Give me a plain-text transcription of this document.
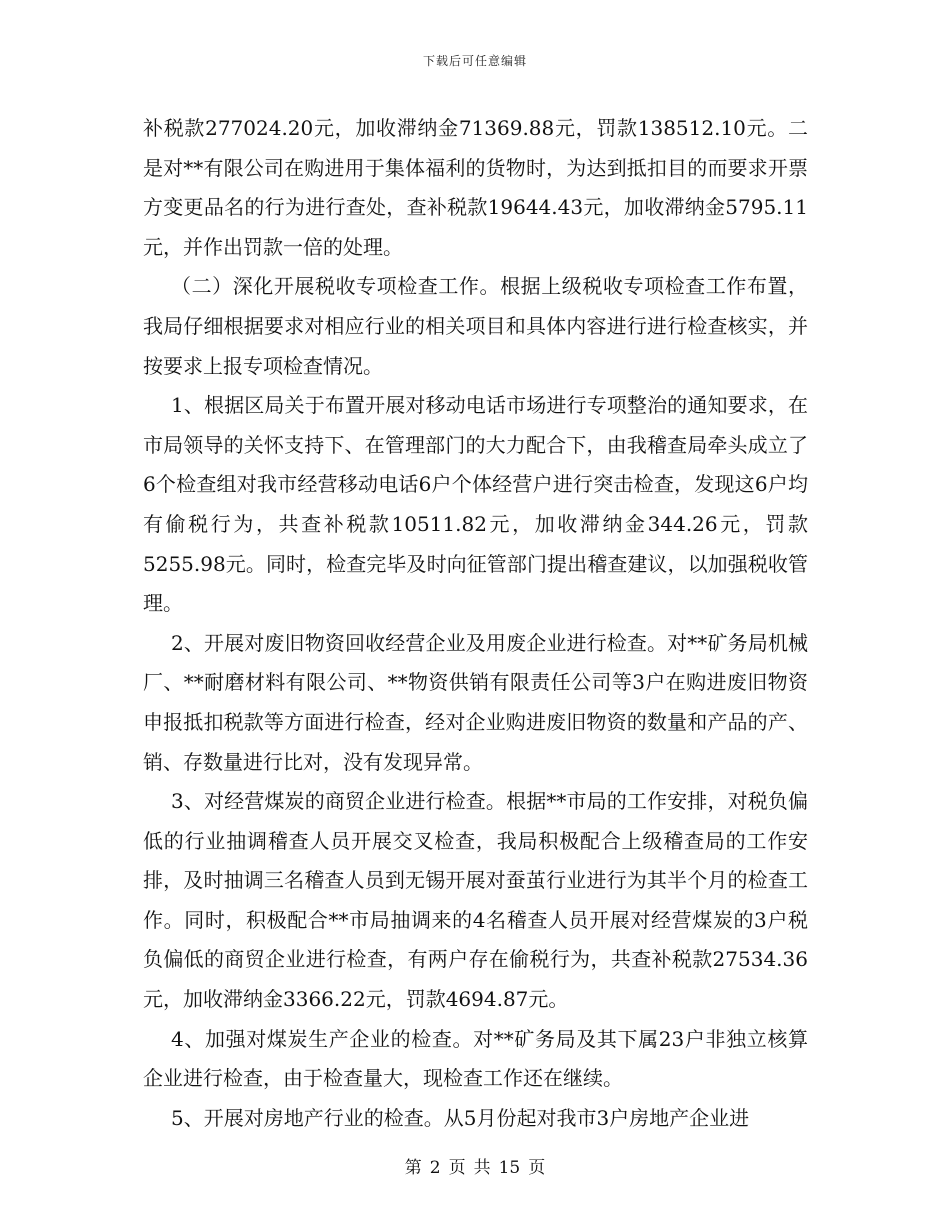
下载后可任意编辑

补税款277024.20元，加收滞纳金71369.88元，罚款138512.10元。二是对**有限公司在购进用于集体福利的货物时，为达到抵扣目的而要求开票方变更品名的行为进行查处，查补税款19644.43元，加收滞纳金5795.11元，并作出罚款一倍的处理。

（二）深化开展税收专项检查工作。根据上级税收专项检查工作布置，我局仔细根据要求对相应行业的相关项目和具体内容进行进行检查核实，并按要求上报专项检查情况。

1、根据区局关于布置开展对移动电话市场进行专项整治的通知要求，在市局领导的关怀支持下、在管理部门的大力配合下，由我稽查局牵头成立了6个检查组对我市经营移动电话6户个体经营户进行突击检查，发现这6户均有偷税行为，共查补税款10511.82元，加收滞纳金344.26元，罚款5255.98元。同时，检查完毕及时向征管部门提出稽查建议，以加强税收管理。

2、开展对废旧物资回收经营企业及用废企业进行检查。对**矿务局机械厂、**耐磨材料有限公司、**物资供销有限责任公司等3户在购进废旧物资申报抵扣税款等方面进行检查，经对企业购进废旧物资的数量和产品的产、销、存数量进行比对，没有发现异常。

3、对经营煤炭的商贸企业进行检查。根据**市局的工作安排，对税负偏低的行业抽调稽查人员开展交叉检查，我局积极配合上级稽查局的工作安排，及时抽调三名稽查人员到无锡开展对蚕茧行业进行为其半个月的检查工作。同时，积极配合**市局抽调来的4名稽查人员开展对经营煤炭的3户税负偏低的商贸企业进行检查，有两户存在偷税行为，共查补税款27534.36元，加收滞纳金3366.22元，罚款4694.87元。

4、加强对煤炭生产企业的检查。对**矿务局及其下属23户非独立核算企业进行检查，由于检查量大，现检查工作还在继续。

5、开展对房地产行业的检查。从5月份起对我市3户房地产企业进

第 2 页 共 15 页
